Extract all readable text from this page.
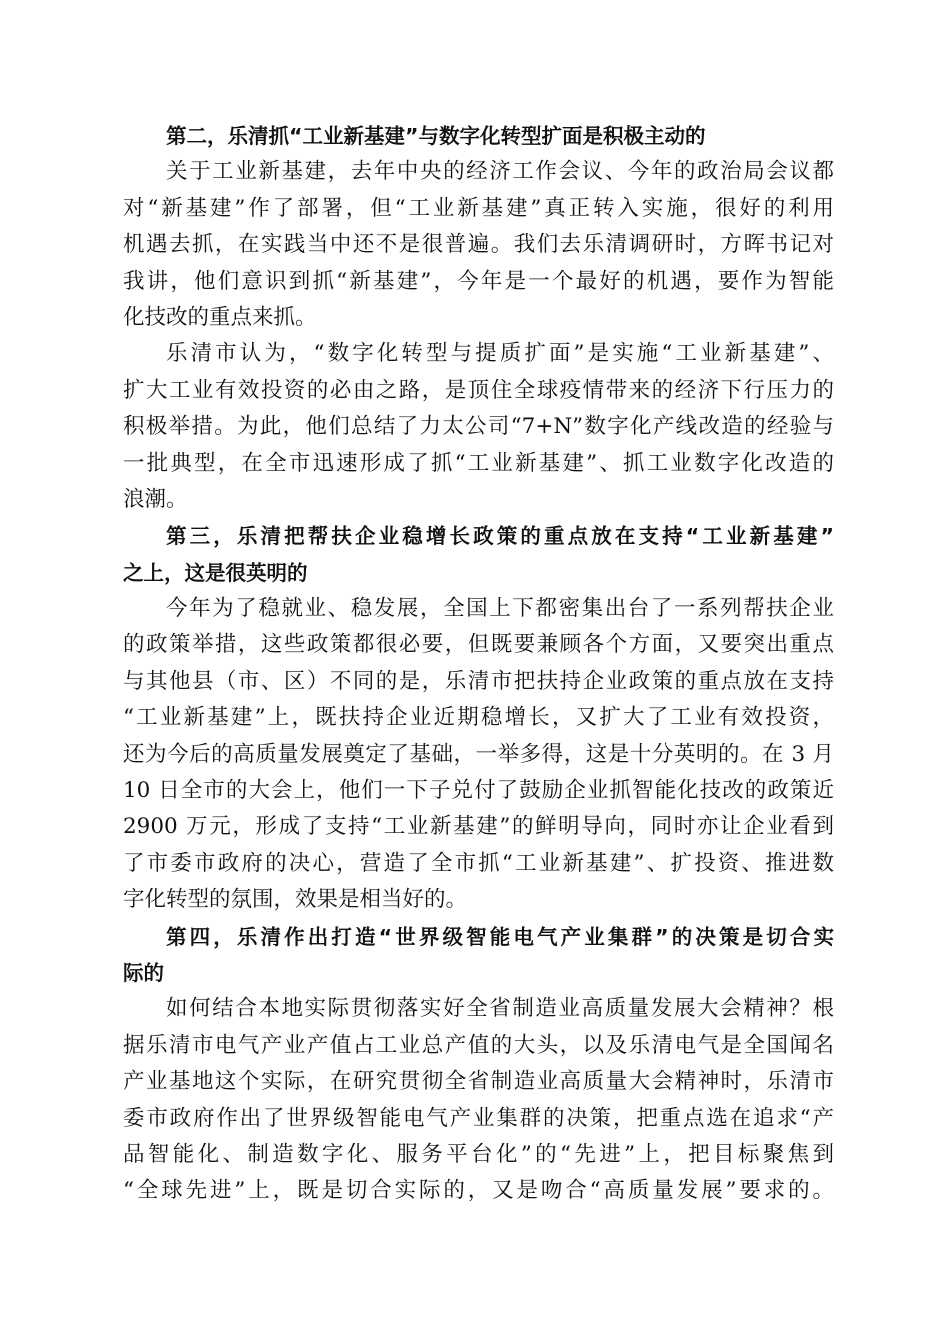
第二，乐清抓“工业新基建”与数字化转型扩面是积极主动的
关于工业新基建，去年中央的经济工作会议、今年的政治局会议都
对“新基建”作了部署，但“工业新基建”真正转入实施，很好的利用
机遇去抓，在实践当中还不是很普遍。我们去乐清调研时，方晖书记对
我讲，他们意识到抓“新基建”，今年是一个最好的机遇，要作为智能
化技改的重点来抓。
乐清市认为，“数字化转型与提质扩面”是实施“工业新基建”、
扩大工业有效投资的必由之路，是顶住全球疫情带来的经济下行压力的
积极举措。为此，他们总结了力太公司“7+N”数字化产线改造的经验与
一批典型，在全市迅速形成了抓“工业新基建”、抓工业数字化改造的
浪潮。
第三，乐清把帮扶企业稳增长政策的重点放在支持“工业新基建”
之上，这是很英明的
今年为了稳就业、稳发展，全国上下都密集出台了一系列帮扶企业
的政策举措，这些政策都很必要，但既要兼顾各个方面，又要突出重点
与其他县（市、区）不同的是，乐清市把扶持企业政策的重点放在支持
“工业新基建”上，既扶持企业近期稳增长，又扩大了工业有效投资，
还为今后的高质量发展奠定了基础，一举多得，这是十分英明的。在 3 月
10 日全市的大会上，他们一下子兑付了鼓励企业抓智能化技改的政策近
2900 万元，形成了支持“工业新基建”的鲜明导向，同时亦让企业看到
了市委市政府的决心，营造了全市抓“工业新基建”、扩投资、推进数
字化转型的氛围，效果是相当好的。
第四，乐清作出打造“世界级智能电气产业集群”的决策是切合实
际的
如何结合本地实际贯彻落实好全省制造业高质量发展大会精神？根
据乐清市电气产业产值占工业总产值的大头，以及乐清电气是全国闻名
产业基地这个实际，在研究贯彻全省制造业高质量大会精神时，乐清市
委市政府作出了世界级智能电气产业集群的决策，把重点选在追求“产
品智能化、制造数字化、服务平台化”的“先进”上，把目标聚焦到
“全球先进”上，既是切合实际的，又是吻合“高质量发展”要求的。
